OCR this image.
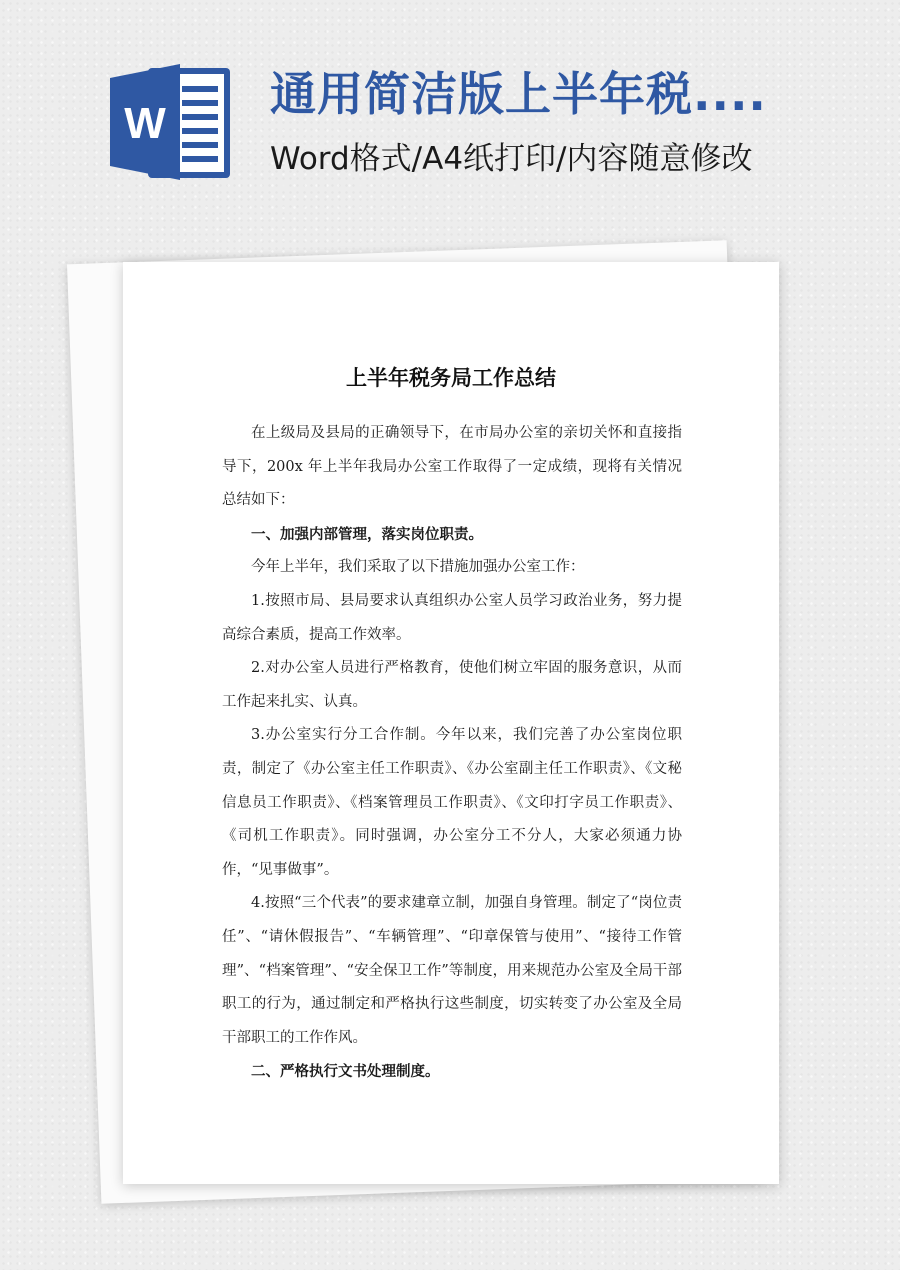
W
通用简洁版上半年税....
Word格式/A4纸打印/内容随意修改
上半年税务局工作总结

在上级局及县局的正确领导下，在市局办公室的亲切关怀和直接指导下，200x 年上半年我局办公室工作取得了一定成绩，现将有关情况总结如下：

一、加强内部管理，落实岗位职责。

今年上半年，我们采取了以下措施加强办公室工作：

1.按照市局、县局要求认真组织办公室人员学习政治业务，努力提高综合素质，提高工作效率。

2.对办公室人员进行严格教育，使他们树立牢固的服务意识，从而工作起来扎实、认真。

3.办公室实行分工合作制。今年以来，我们完善了办公室岗位职责，制定了《办公室主任工作职责》、《办公室副主任工作职责》、《文秘信息员工作职责》、《档案管理员工作职责》、《文印打字员工作职责》、《司机工作职责》。同时强调，办公室分工不分人，大家必须通力协作，“见事做事”。

4.按照“三个代表”的要求建章立制，加强自身管理。制定了“岗位责任”、“请休假报告”、“车辆管理”、“印章保管与使用”、“接待工作管理”、“档案管理”、“安全保卫工作”等制度，用来规范办公室及全局干部职工的行为，通过制定和严格执行这些制度，切实转变了办公室及全局干部职工的工作作风。

二、严格执行文书处理制度。
